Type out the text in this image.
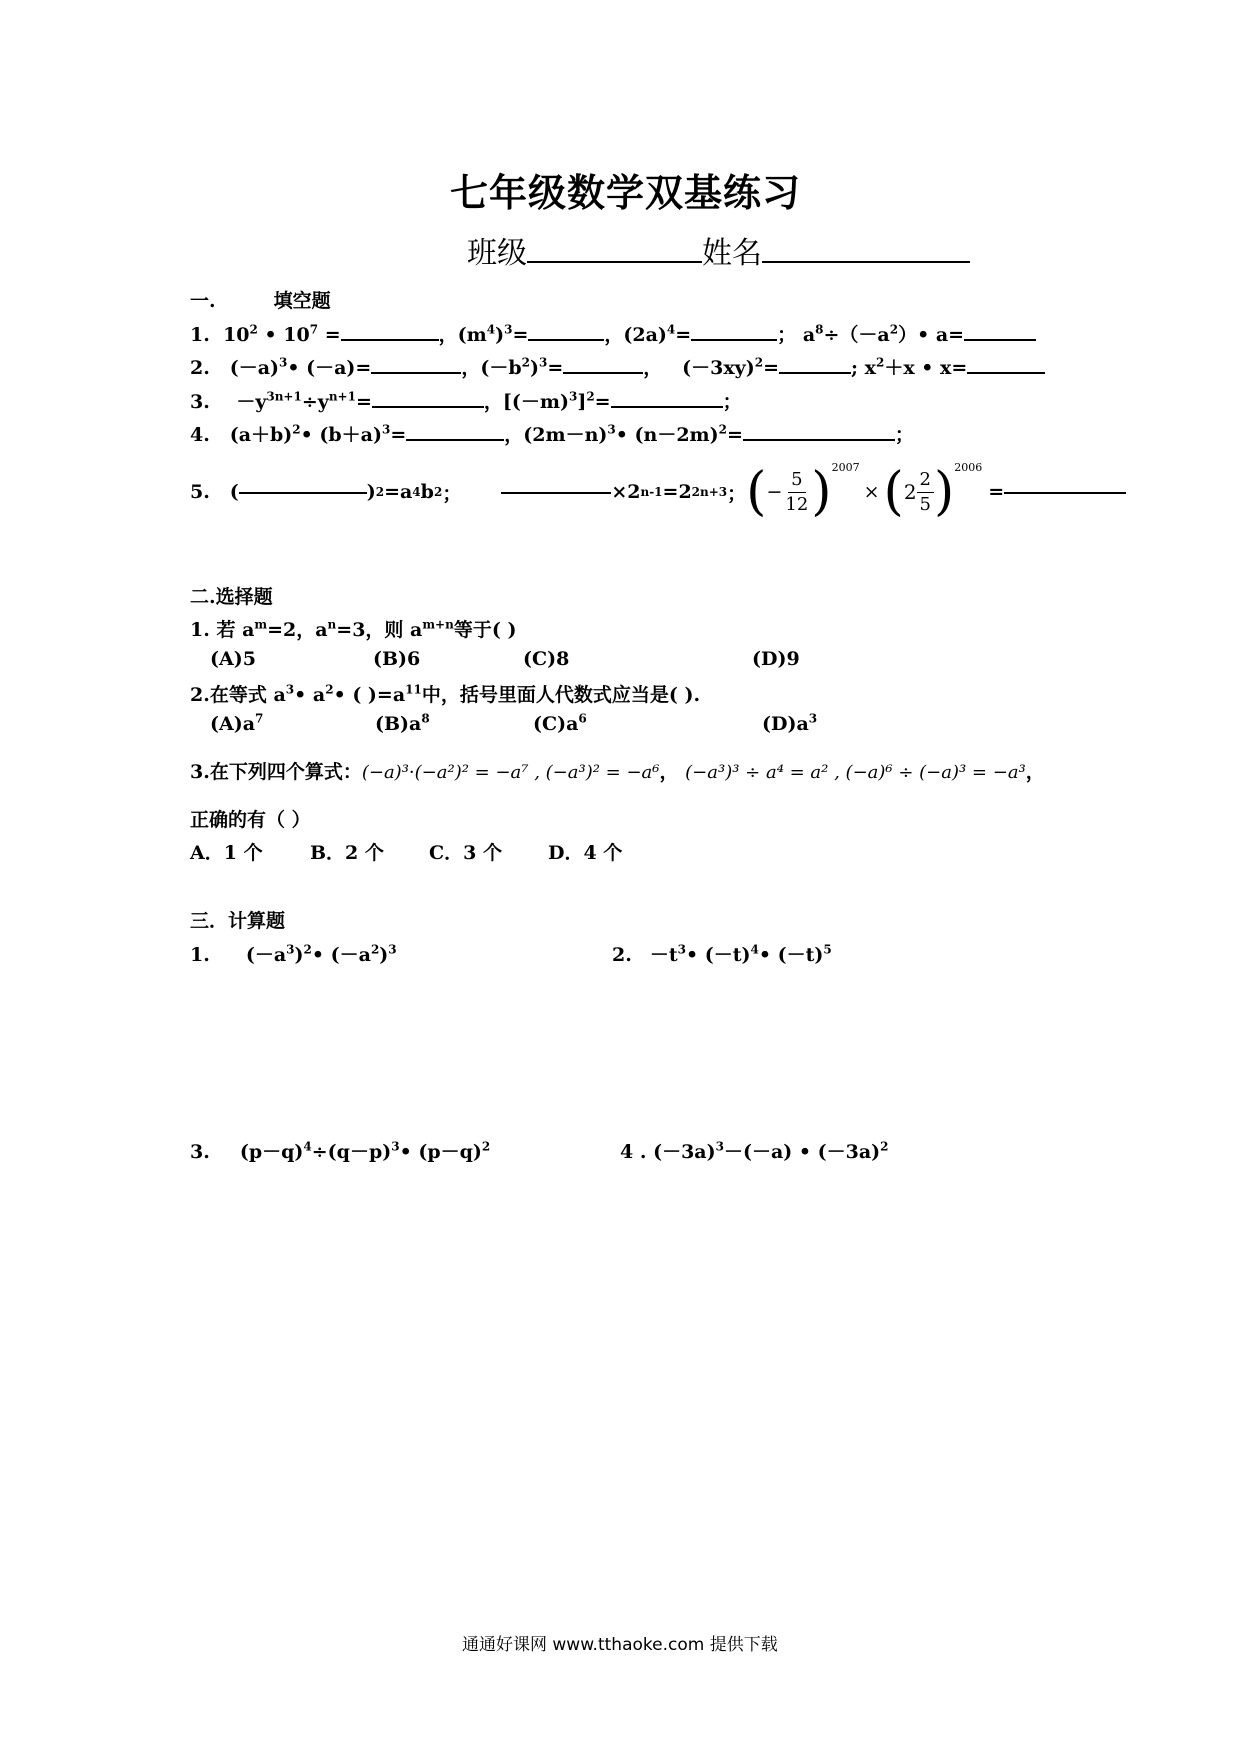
七年级数学双基练习
班级	姓名
一.	填空题
1. $10^2$ • $10^7$ =	，$(m^4)^3=$	，$(2a)^4=$	； $a^8\div(-a^2)•$ a=
2. $(-a)^3•$ (－a)=	，$(-b^2)^3=$	， $(-3xy)^2=$	; $x^2+x$ • x=
3. $-y^{3n+1}\div y^{n+1}=$	，$[(-m)^3]^2=$	；
4. $(a+b)^2•$ $(b+a)^3=$	，$(2m-n)^3•$ $(n-2m)^2=$	；
5.
(	) 2 =a 4 b 2 ；	×2 n-1 =2 2n+3 ； ( − $\frac{5}{12}$ ) 2007
× ( $2 \frac{2}{5}$ ) 2006
=
二.选择题
1. 若 $a^m=2$，$a^n=3$，则 $a^{m+n}$等于( )
(A)5	(B)6	(C)8	(D)9
2.在等式 $a^3•$ $a^2•$ ( )$=a^{11}$中，括号里面人代数式应当是( ).
$(A)a^7$	$(B)a^8$	$(C)a^6$	$(D)a^3$
3.在下列四个算式：(−a)³·(−a²)² = −a⁷ , (−a³)² = −a⁶， (−a³)³ ÷ a⁴ = a² , (−a)⁶ ÷ (−a)³ = −a³，
正确的有（ ）
A．1 个 B．2 个 C．3 个 D．4 个
三．计算题
1. $(-a^3)^2•$ $(-a^2)^3$	2. $-t^3•$ $(-t)^4•$ $(-t)^5$
3. $(p-q)^4\div(q-p)^3•$ $(p-q)^2$	4 . $(-3a)^3-(-a)$ • $(-3a)^2$
通通好课网 www.tthaoke.com 提供下载
